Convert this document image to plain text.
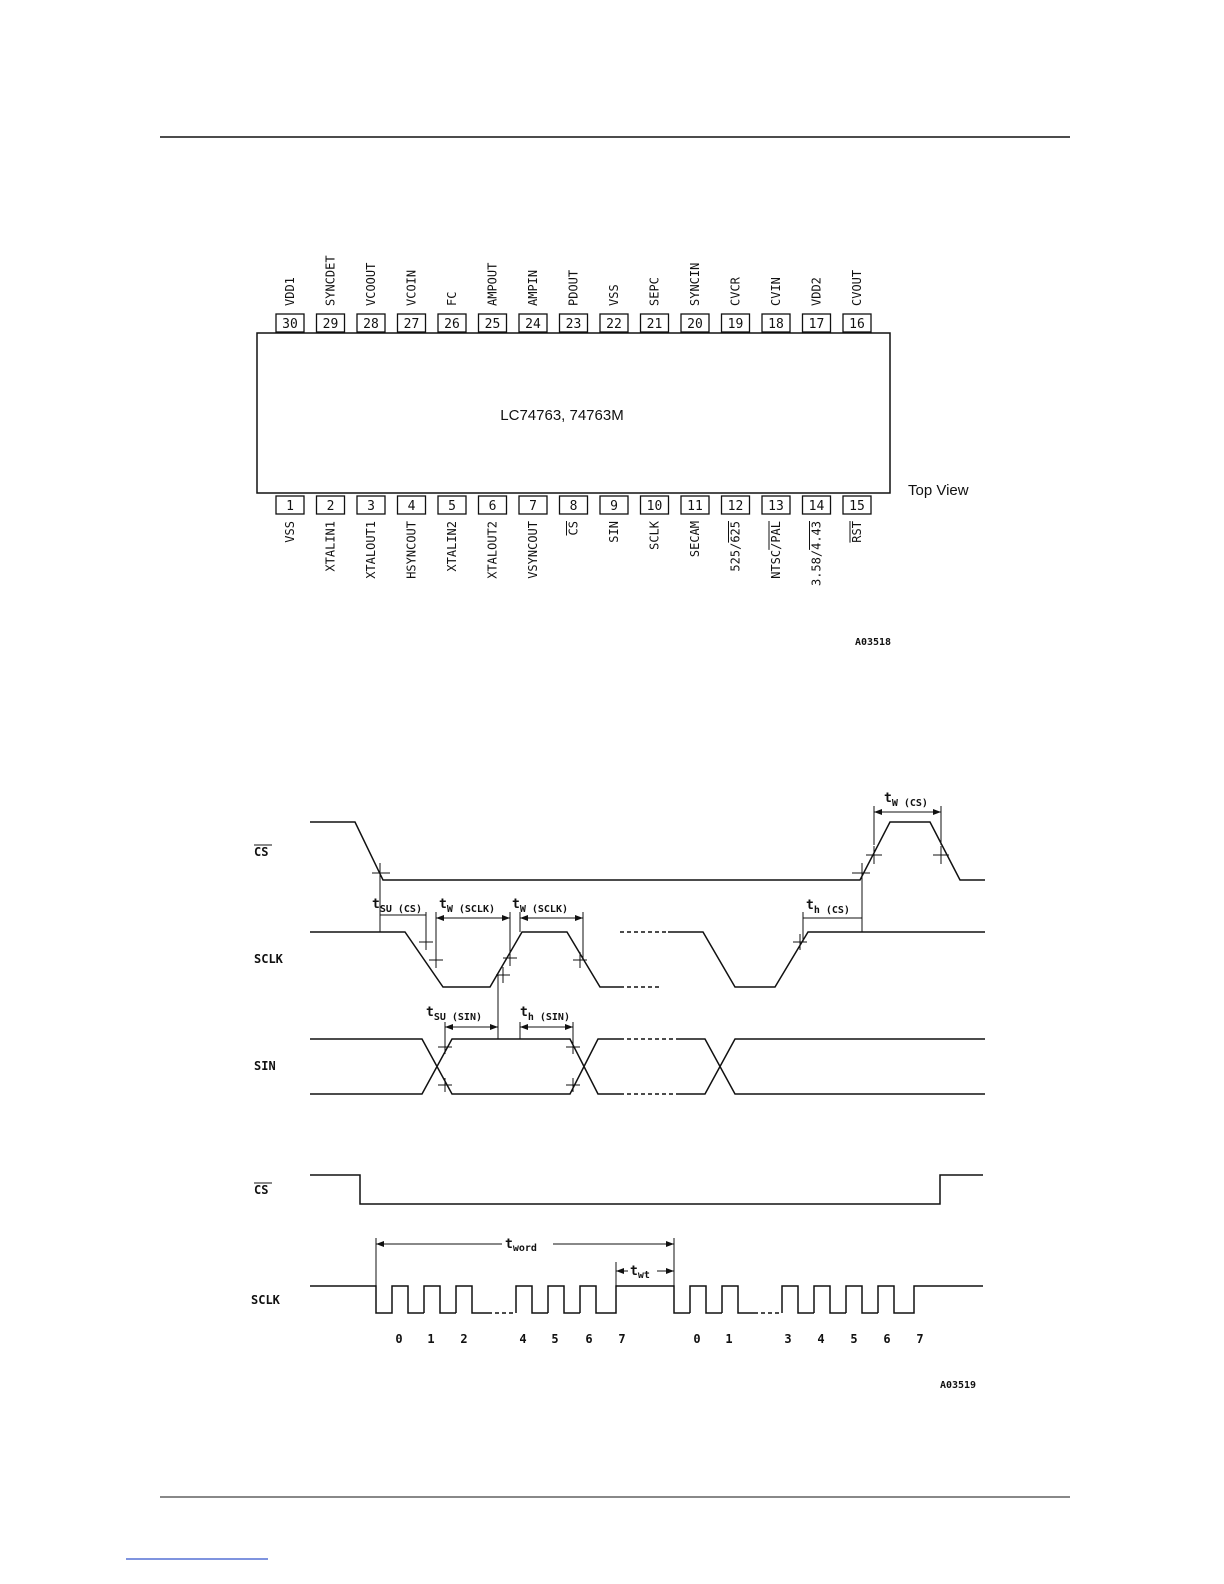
LC74763, 74763M
Top View
A03518
30
VDD1
29
SYNCDET
28
VCOOUT
27
VCOIN
26
FC
25
AMPOUT
24
AMPIN
23
PDOUT
22
VSS
21
SEPC
20
SYNCIN
19
CVCR
18
CVIN
17
VDD2
16
CVOUT
1
VSS
2
XTALIN1
3
XTALOUT1
4
HSYNCOUT
5
XTALIN2
6
XTALOUT2
7
VSYNCOUT
8
CS
9
SIN
10
SCLK
11
SECAM
12
525/625
13
NTSC/PAL
14
3.58/4.43
15
RST
CS
SCLK
SIN
$t_{W (CS)}$
$t_{SU (CS)}$ $t_{W (SCLK)}$ $t_{W (SCLK)}$	$t_{h (CS)}$
$t_{SU (SIN)}$	$t_{h (SIN)}$
CS
SCLK
$t_{word}$
$t_{wt}$
0 1 2	4 5 6 7	0 1	3 4 5 6 7
A03519
